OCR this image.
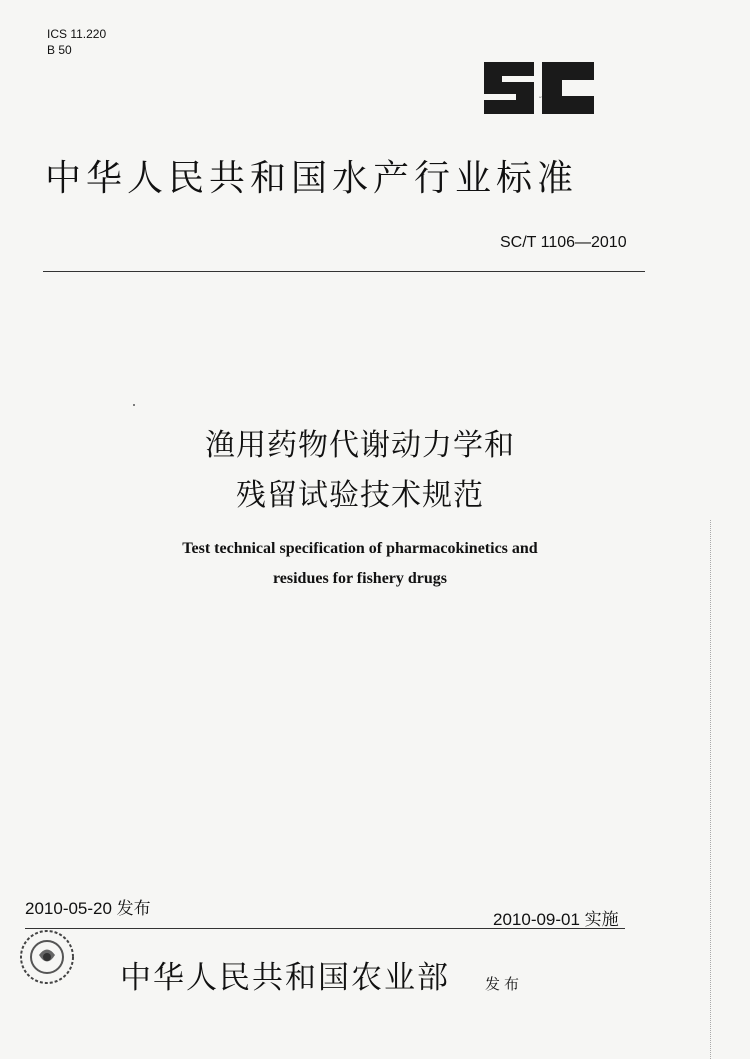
ICS 11.220
B 50
SC
中华人民共和国水产行业标准
SC/T 1106—2010
渔用药物代谢动力学和
残留试验技术规范
Test technical specification of pharmacokinetics and
residues for fishery drugs
2010-05-20 发布
2010-09-01 实施
中华人民共和国农业部 发布
